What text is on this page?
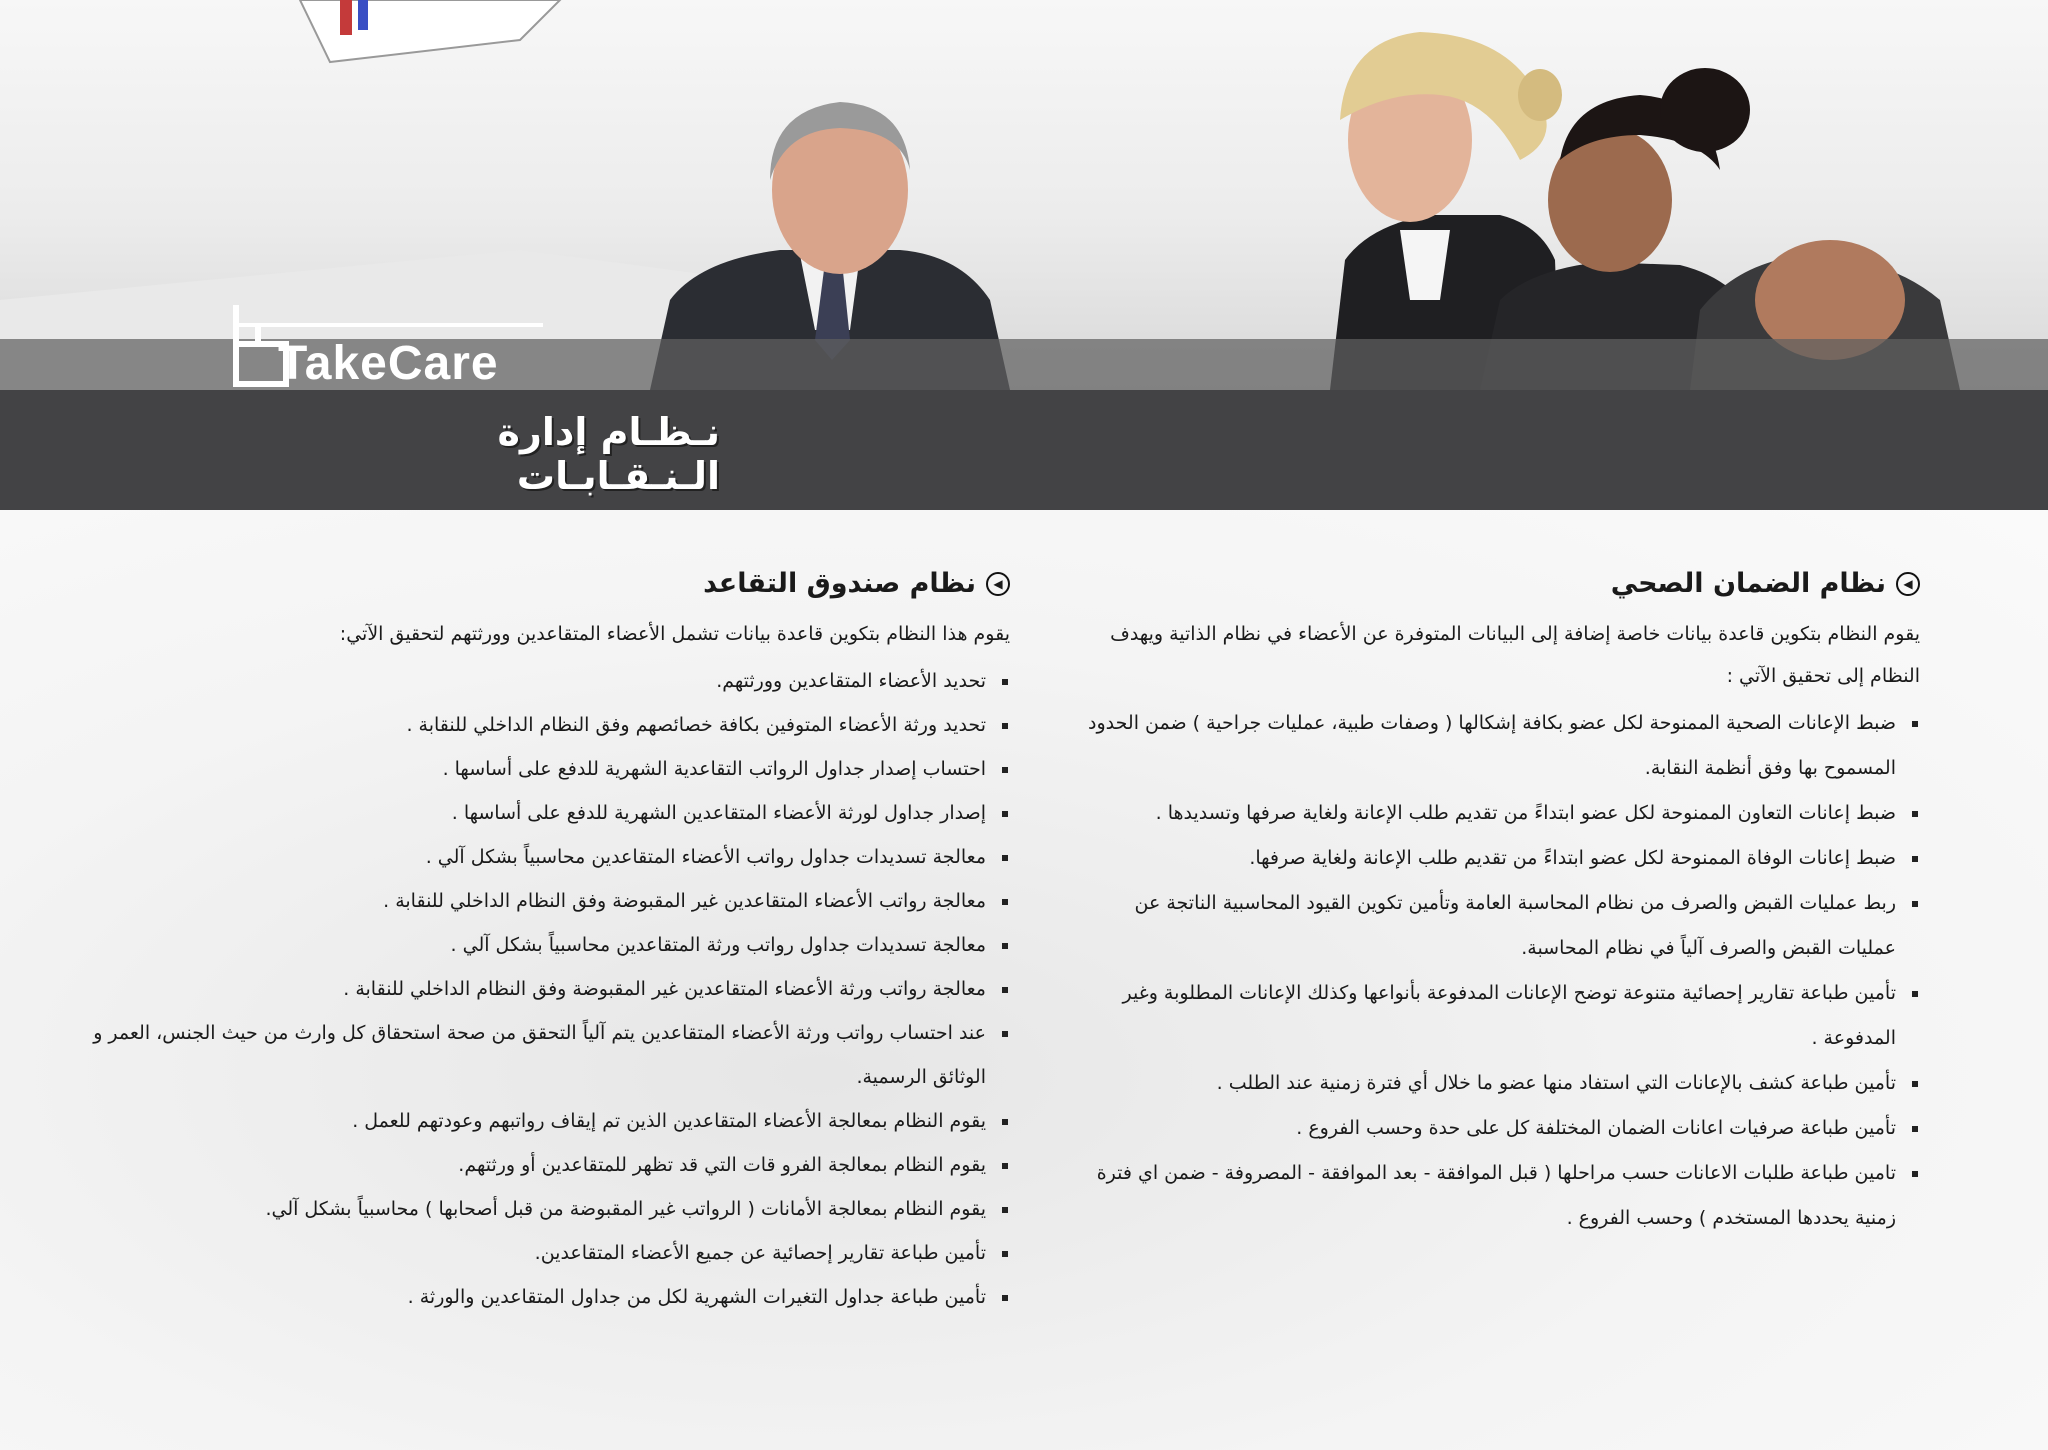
TakeCare
نـظـام إدارة الـنـقـابـات
◀
نظام الضمان الصحي
يقوم النظام بتكوين قاعدة بيانات خاصة إضافة إلى البيانات المتوفرة عن الأعضاء في نظام الذاتية ويهدف النظام إلى تحقيق الآتي :
ضبط الإعانات الصحية الممنوحة لكل عضو بكافة إشكالها ( وصفات طبية، عمليات جراحية ) ضمن الحدود المسموح بها وفق أنظمة النقابة.
ضبط إعانات التعاون الممنوحة لكل عضو ابتداءً من تقديم طلب الإعانة ولغاية صرفها وتسديدها .
ضبط إعانات الوفاة الممنوحة لكل عضو ابتداءً من تقديم طلب الإعانة ولغاية صرفها.
ربط عمليات القبض والصرف من نظام المحاسبة العامة وتأمين تكوين القيود المحاسبية الناتجة عن عمليات القبض والصرف آلياً في نظام المحاسبة.
تأمين طباعة تقارير إحصائية متنوعة توضح الإعانات المدفوعة بأنواعها وكذلك الإعانات المطلوبة وغير المدفوعة .
تأمين طباعة كشف بالإعانات التي استفاد منها عضو ما خلال أي فترة زمنية عند الطلب .
تأمين طباعة صرفيات اعانات الضمان المختلفة كل على حدة وحسب الفروع .
تامين طباعة طلبات الاعانات حسب مراحلها ( قبل الموافقة - بعد الموافقة - المصروفة - ضمن اي فترة زمنية يحددها المستخدم ) وحسب الفروع .
◀
نظام صندوق التقاعد
يقوم هذا النظام بتكوين قاعدة بيانات تشمل الأعضاء المتقاعدين وورثتهم لتحقيق الآتي:
تحديد الأعضاء المتقاعدين وورثتهم.
تحديد ورثة الأعضاء المتوفين بكافة خصائصهم وفق النظام الداخلي للنقابة .
احتساب إصدار جداول الرواتب التقاعدية الشهرية للدفع على أساسها .
إصدار جداول لورثة الأعضاء المتقاعدين الشهرية للدفع على أساسها .
معالجة تسديدات جداول رواتب الأعضاء المتقاعدين محاسبياً بشكل آلي .
معالجة رواتب الأعضاء المتقاعدين غير المقبوضة وفق النظام الداخلي للنقابة .
معالجة تسديدات جداول رواتب ورثة المتقاعدين محاسبياً بشكل آلي .
معالجة رواتب ورثة الأعضاء المتقاعدين غير المقبوضة وفق النظام الداخلي للنقابة .
عند احتساب رواتب ورثة الأعضاء المتقاعدين يتم آلياً التحقق من صحة استحقاق كل وارث من حيث الجنس، العمر و الوثائق الرسمية.
يقوم النظام بمعالجة الأعضاء المتقاعدين الذين تم إيقاف رواتبهم وعودتهم للعمل .
يقوم النظام بمعالجة الفرو قات التي قد تظهر للمتقاعدين أو ورثتهم.
يقوم النظام بمعالجة الأمانات ( الرواتب غير المقبوضة من قبل أصحابها ) محاسبياً بشكل آلي.
تأمين طباعة تقارير إحصائية عن جميع الأعضاء المتقاعدين.
تأمين طباعة جداول التغيرات الشهرية لكل من جداول المتقاعدين والورثة .
